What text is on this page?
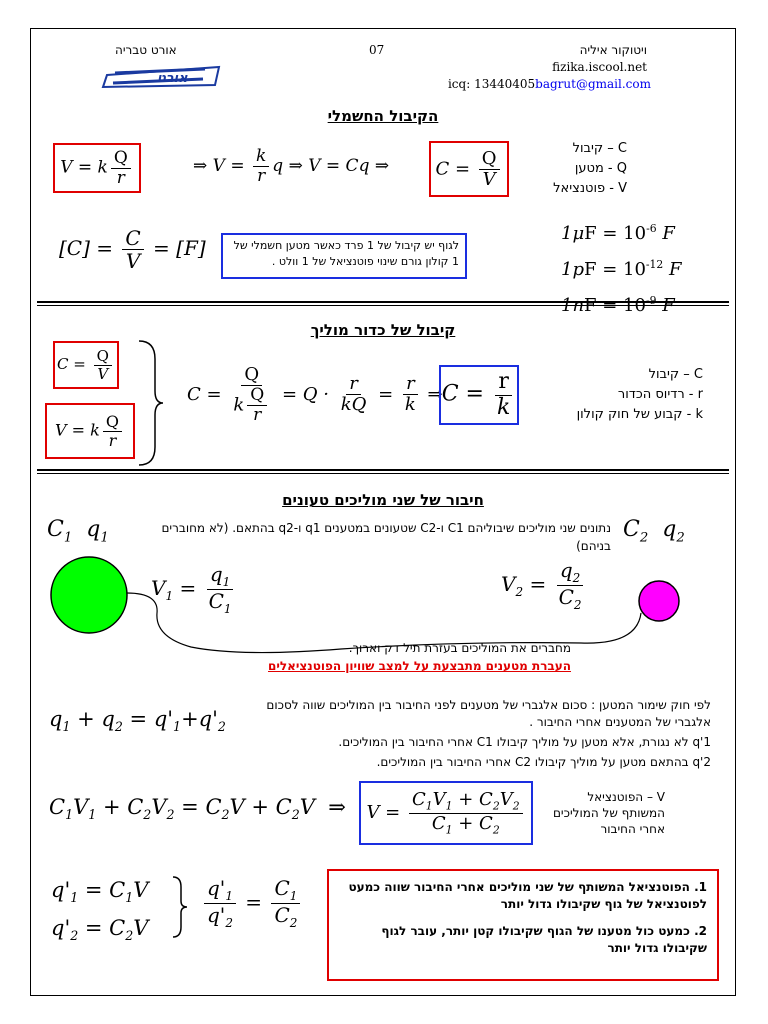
ויטוקור איליה
fizika.iscool.net
icq: 13440405bagrut@gmail.com
07
אורט טבריה
אורט
הקיבול החשמלי
V = k $\frac{Q}{r}$	⇒ $V = \frac{k}{r}$ q ⇒ V = Cq ⇒	$C = \frac{Q}{V}$
C – קיבול
Q - מטען
V - פוטנציאל
$[C] = \frac{C}{V} = [F]$	לגוף יש קיבול של 1 פרד כאשר מטען חשמלי של 1 קולון גורם שינוי פוטנציאל של 1 וולט .
$1\mu F = 10^{-6}$ F
$1pF = 10^{-12}$ F
$1nF = 10^{-9}$ F
קיבול של כדור מוליך
$C = \frac{Q}{V}$
V = k $\frac{Q}{r}$
$C = \frac{Q}{k \frac{Q}{r}} = Q \cdot \frac{r}{kQ} = \frac{r}{k}$ ⇒ $C = \frac{r}{k}$	C – קיבול
r - רדיוס הכדור
k - קבוע של חוק קולון
חיבור של שני מוליכים טעונים
$C_1$  $q_1$	$C_2$  $q_2$
נתונים שני מוליכים שיבוליהם C1 ו-C2 שטעונים במטענים q1 ו-q2 בהתאם. (לא מחוברים בניהם)
$V_1 = \frac{q_1}{C_1}$	$V_2 = \frac{q_2}{C_2}$
מחברים את המוליכים בעזרת תיל דק וארוך.
העברת מטענים מתבצעת על למצב שוויון הפוטנציאלים
לפי חוק שימור המטען : סכום אלגברי של מטענים לפני החיבור בין המוליכים שווה לסכום אלגברי של המטענים אחרי החיבור .
$q_1 + q_2 = q'_1+q'_2$
q'1 לא נגורת, אלא מטען על מוליך קיבולו C1 אחרי החיבור בין המוליכים.
q'2 בהתאם מטען על מוליך קיבולו C2 אחרי החיבור בין המוליכים.
$C_1V_1 + C_2V_2 = C_2V + C_2V$  ⇒ $V = \frac{C_1V_1 + C_2V_2}{C_1 + C_2}$	V – הפוטנציאל
המשותף של המוליכים
אחרי החיבור
$q'_1 = C_1V$
$q'_2 = C_2V$	$\frac{q'_1}{q'_2} = \frac{C_1}{C_2}$	1. הפוטנציאל המשותף של שני מוליכים אחרי החיבור שווה כמעט לפוטנציאל של גוף שקיבולו גדול יותר
2. כמעט כול מטענו של הגוף שקיבולו קטן יותר, עובר לגוף שקיבולו גדול יותר
